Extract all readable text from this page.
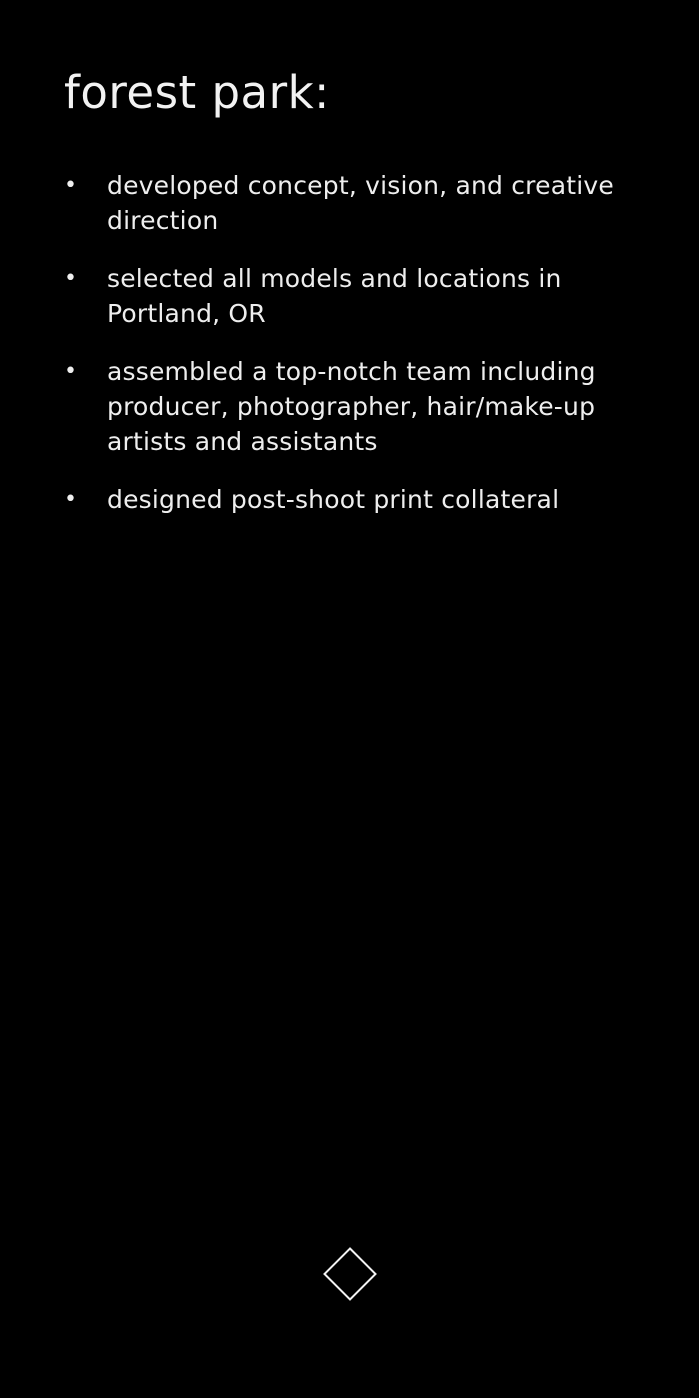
forest park:
• developed concept, vision, and creative direction
• selected all models and locations in Portland, OR
• assembled a top-notch team including producer, photographer, hair/make-up artists and assistants
• designed post-shoot print collateral
